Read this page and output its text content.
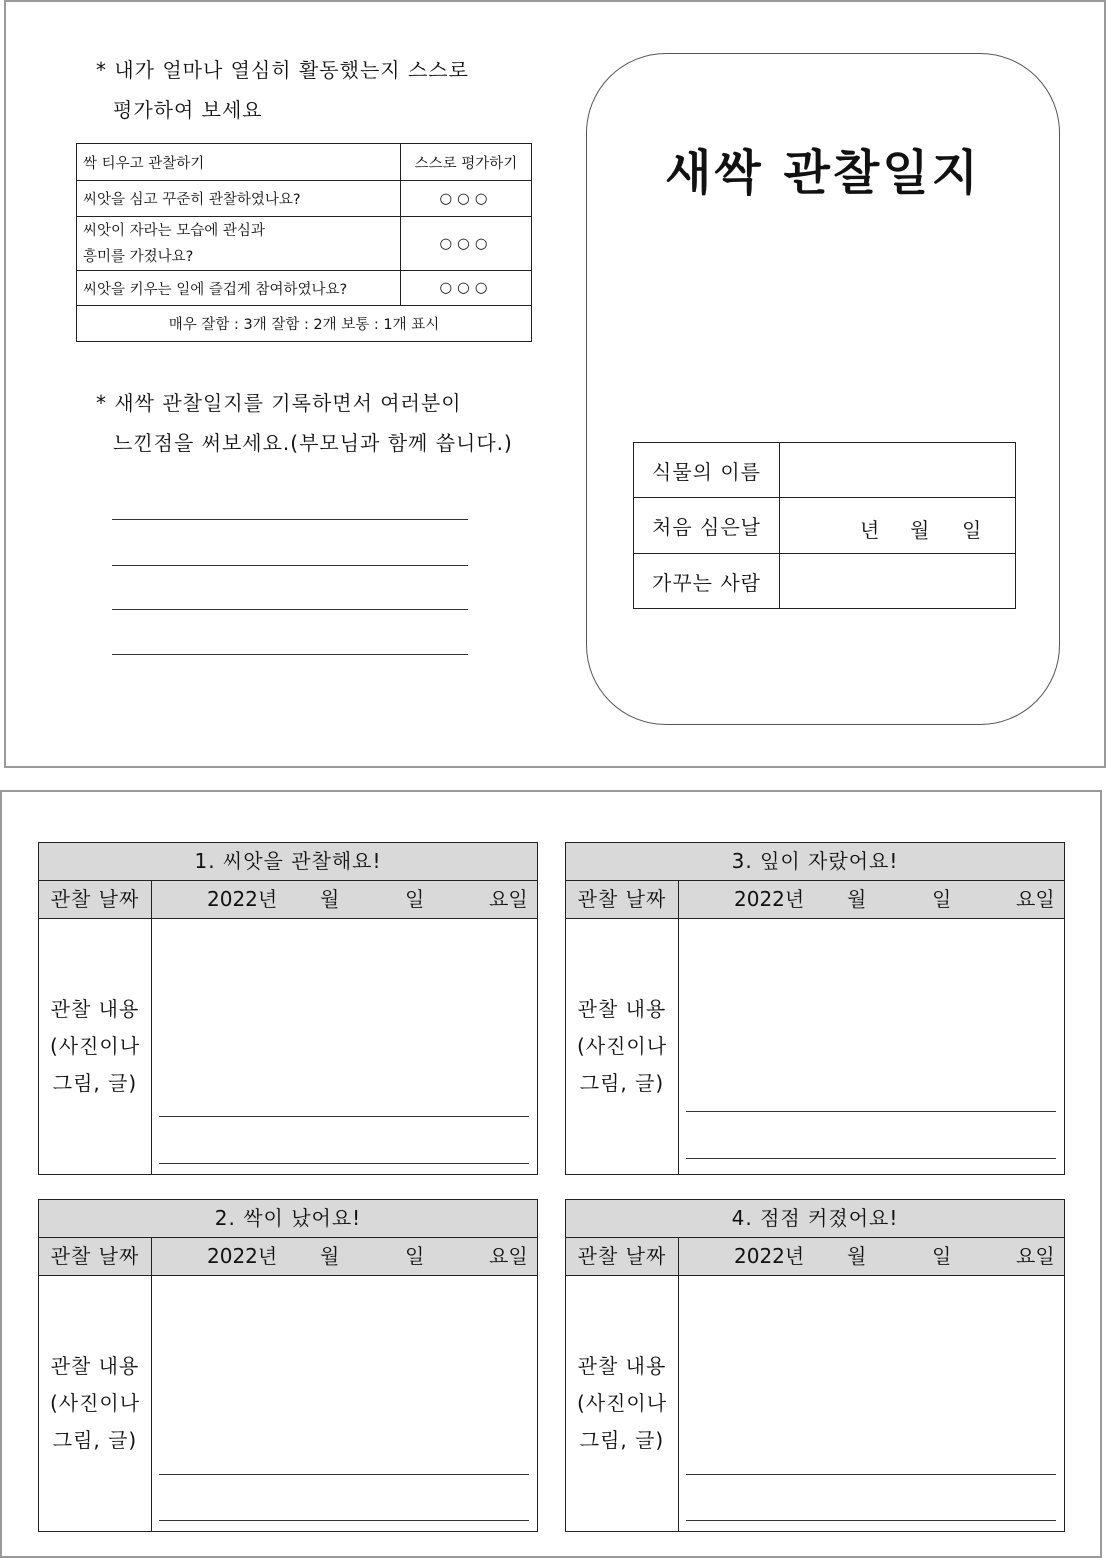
* 내가 얼마나 열심히 활동했는지 스스로
평가하여 보세요
싹 티우고 관찰하기	스스로 평가하기
씨앗을 심고 꾸준히 관찰하였나요?	○○○
씨앗이 자라는 모습에 관심과
흥미를 가졌나요?	○○○
씨앗을 키우는 일에 즐겁게 참여하였나요?	○○○
매우 잘함 : 3개 잘함 : 2개 보통 : 1개 표시	
* 새싹 관찰일지를 기록하면서 여러분이
느낀점을 써보세요.(부모님과 함께 씁니다.)
새싹 관찰일지
식물의 이름	
처음 심은날	년 월 일

가꾸는 사람	
1. 씨앗을 관찰해요!
관찰 날짜	2022년 월	일	요일
관찰 내용
(사진이나
그림, 글)
3. 잎이 자랐어요!
관찰 날짜	2022년 월	일	요일
관찰 내용
(사진이나
그림, 글)
2. 싹이 났어요!
관찰 날짜	2022년 월	일	요일
관찰 내용
(사진이나
그림, 글)
4. 점점 커졌어요!
관찰 날짜	2022년 월	일	요일
관찰 내용
(사진이나
그림, 글)
